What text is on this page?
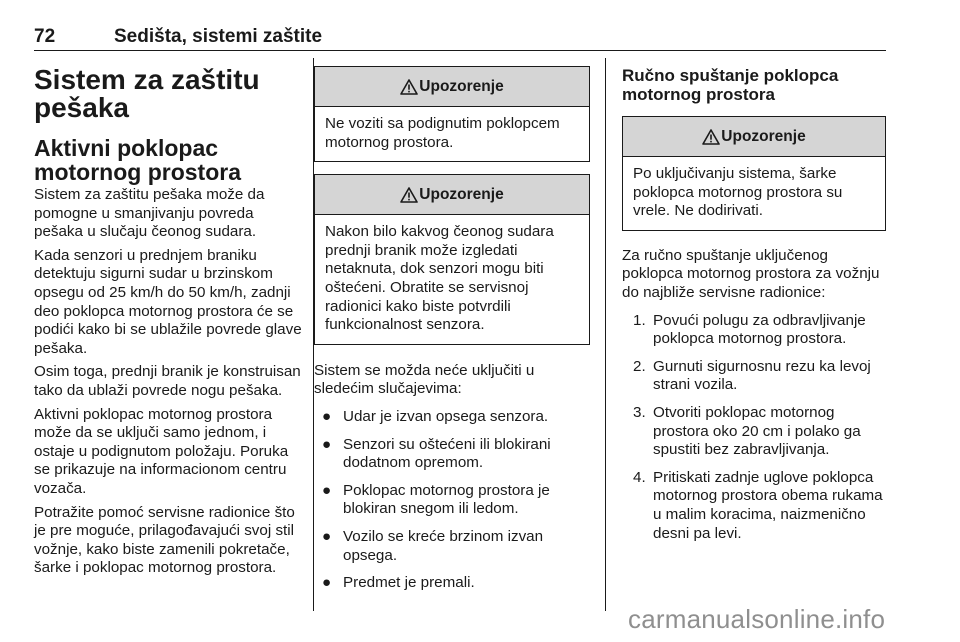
72	Sedišta, sistemi zaštite
Sistem za zaštitu pešaka
Aktivni poklopac motornog prostora

Sistem za zaštitu pešaka može da pomogne u smanjivanju povreda pešaka u slučaju čeonog sudara.

Kada senzori u prednjem braniku detektuju sigurni sudar u brzinskom opsegu od 25 km/h do 50 km/h, zadnji deo poklopca motornog prostora će se podići kako bi se ublažile povrede glave pešaka.

Osim toga, prednji branik je konstruisan tako da ublaži povrede nogu pešaka.

Aktivni poklopac motornog prostora može da se uključi samo jednom, i ostaje u podignutom položaju. Poruka se prikazuje na informacionom centru vozača.

Potražite pomoć servisne radionice što je pre moguće, prilagođavajući svoj stil vožnje, kako biste zamenili pokretače, šarke i poklopac motornog prostora.

Upozorenje
Ne voziti sa podignutim poklopcem motornog prostora.
Upozorenje
Nakon bilo kakvog čeonog sudara prednji branik može izgledati netaknuta, dok senzori mogu biti oštećeni. Obratite se servisnoj radionici kako biste potvrdili funkcionalnost senzora.

Sistem se možda neće uključiti u sledećim slučajevima:

● Udar je izvan opsega senzora.
● Senzori su oštećeni ili blokirani dodatnom opremom.
● Poklopac motornog prostora je blokiran snegom ili ledom.
● Vozilo se kreće brzinom izvan opsega.
● Predmet je premali.
Ručno spuštanje poklopca motornog prostora
Upozorenje
Po uključivanju sistema, šarke poklopca motornog prostora su vrele. Ne dodirivati.

Za ručno spuštanje uključenog poklopca motornog prostora za vožnju do najbliže servisne radionice:

1. Povući polugu za odbravljivanje poklopca motornog prostora.
2. Gurnuti sigurnosnu rezu ka levoj strani vozila.
3. Otvoriti poklopac motornog prostora oko 20 cm i polako ga spustiti bez zabravljivanja.
4. Pritiskati zadnje uglove poklopca motornog prostora obema rukama u malim koracima, naizmenično desni pa levi.
carmanualsonline.info
